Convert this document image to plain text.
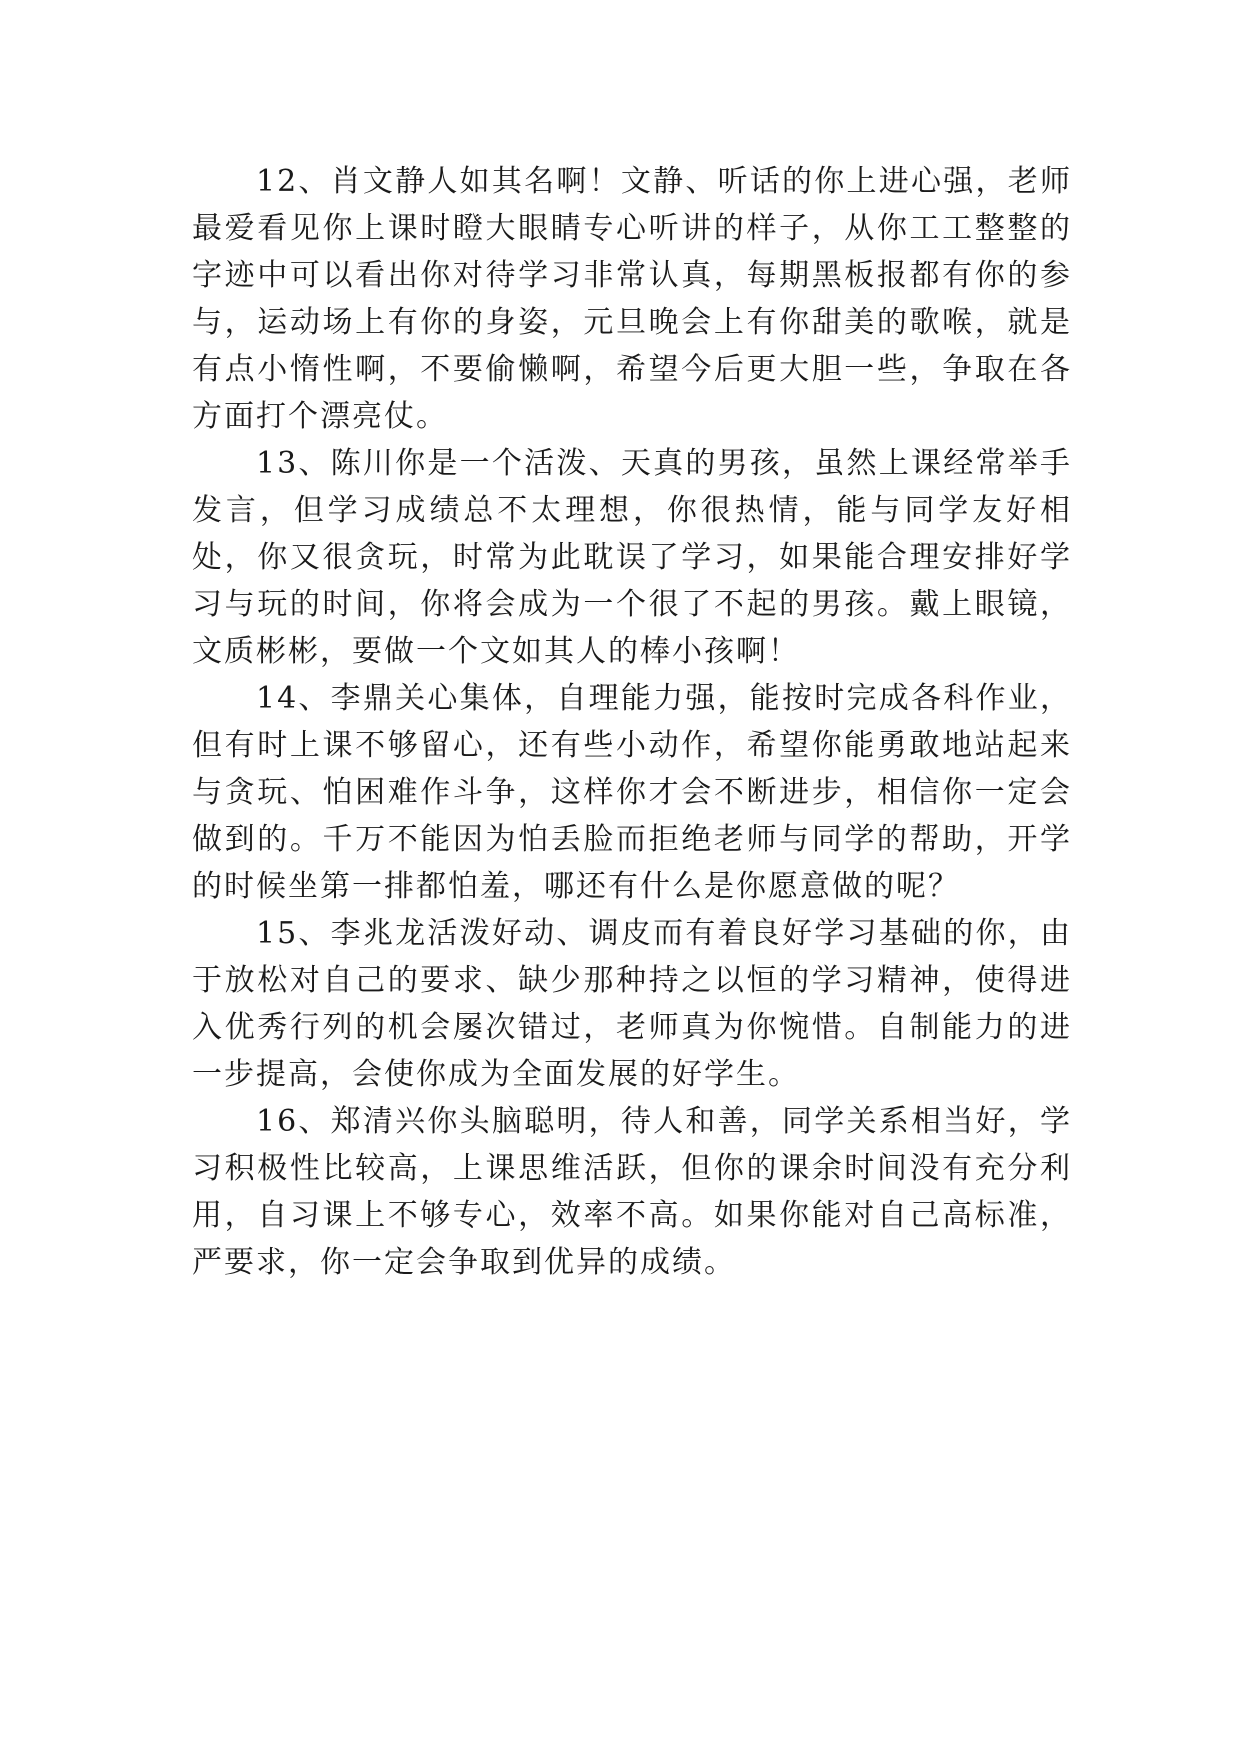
12、肖文静人如其名啊！文静、听话的你上进心强，老师最爱看见你上课时瞪大眼睛专心听讲的样子，从你工工整整的字迹中可以看出你对待学习非常认真，每期黑板报都有你的参与，运动场上有你的身姿，元旦晚会上有你甜美的歌喉，就是有点小惰性啊，不要偷懒啊，希望今后更大胆一些，争取在各方面打个漂亮仗。

13、陈川你是一个活泼、天真的男孩，虽然上课经常举手发言，但学习成绩总不太理想，你很热情，能与同学友好相处，你又很贪玩，时常为此耽误了学习，如果能合理安排好学习与玩的时间，你将会成为一个很了不起的男孩。戴上眼镜，文质彬彬，要做一个文如其人的棒小孩啊！

14、李鼎关心集体，自理能力强，能按时完成各科作业，但有时上课不够留心，还有些小动作，希望你能勇敢地站起来与贪玩、怕困难作斗争，这样你才会不断进步，相信你一定会做到的。千万不能因为怕丢脸而拒绝老师与同学的帮助，开学的时候坐第一排都怕羞，哪还有什么是你愿意做的呢？

15、李兆龙活泼好动、调皮而有着良好学习基础的你，由于放松对自己的要求、缺少那种持之以恒的学习精神，使得进入优秀行列的机会屡次错过，老师真为你惋惜。自制能力的进一步提高，会使你成为全面发展的好学生。

16、郑清兴你头脑聪明，待人和善，同学关系相当好，学习积极性比较高，上课思维活跃，但你的课余时间没有充分利用，自习课上不够专心，效率不高。如果你能对自己高标准，严要求，你一定会争取到优异的成绩。
